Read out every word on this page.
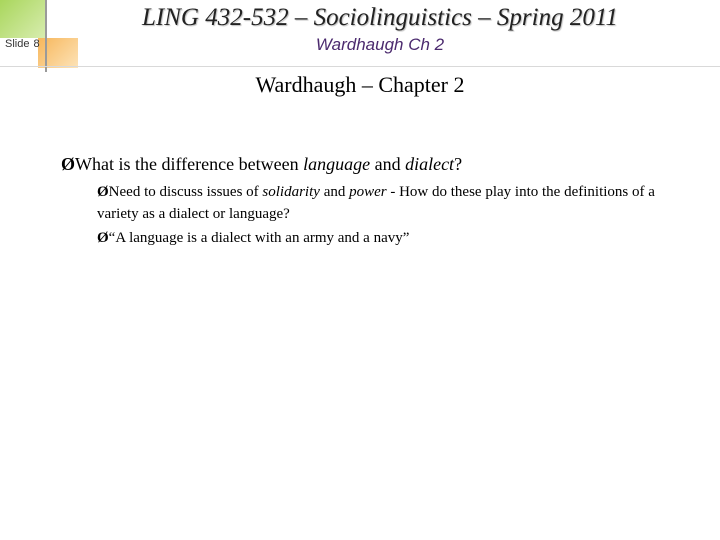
Slide 8
LING 432-532 – Sociolinguistics – Spring 2011
Wardhaugh Ch 2
Wardhaugh – Chapter 2
ØWhat is the difference between language and dialect?
ØNeed to discuss issues of solidarity and power - How do these play into the definitions of a variety as a dialect or language?
Ø“A language is a dialect with an army and a navy”
